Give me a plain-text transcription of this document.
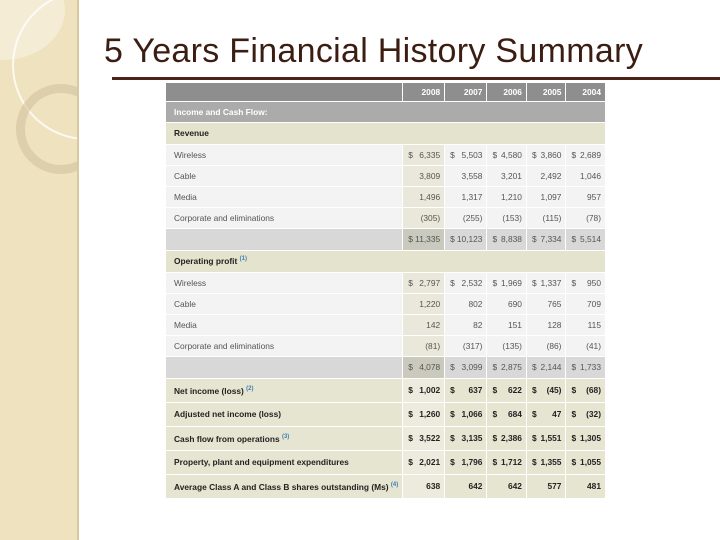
5 Years Financial History Summary
	2008	2007	2006	2005	2004
Income and Cash Flow:					
Revenue					
Wireless	$ 6,335	$ 5,503	$ 4,580	$ 3,860	$ 2,689
Cable	3,809	3,558	3,201	2,492	1,046
Media	1,496	1,317	1,210	1,097	957
Corporate and eliminations	(305)	(255)	(153)	(115)	(78)

	$ 11,335	$ 10,123	$ 8,838	$ 7,334	$ 5,514
Operating profit $^{(1)}$
Wireless	$ 2,797	$ 2,532	$ 1,969	$ 1,337	$ 950
Cable	1,220	802	690	765	709
Media	142	82	151	128	115
Corporate and eliminations	(81)	(317)	(135)	(86)	(41)

	$ 4,078	$ 3,099	$ 2,875	$ 2,144	$ 1,733
Net income (loss) $^{(2)}$	$ 1,002	$ 637	$ 622	$ (45)	$ (68)
Adjusted net income (loss)	$ 1,260	$ 1,066	$ 684	$ 47	$ (32)
Cash flow from operations $^{(3)}$	$ 3,522	$ 3,135	$ 2,386	$ 1,551	$ 1,305
Property, plant and equipment expenditures	$ 2,021	$ 1,796	$ 1,712	$ 1,355	$ 1,055
Average Class A and Class B shares outstanding (Ms) $^{(4)}$	638	642	642	577	481
